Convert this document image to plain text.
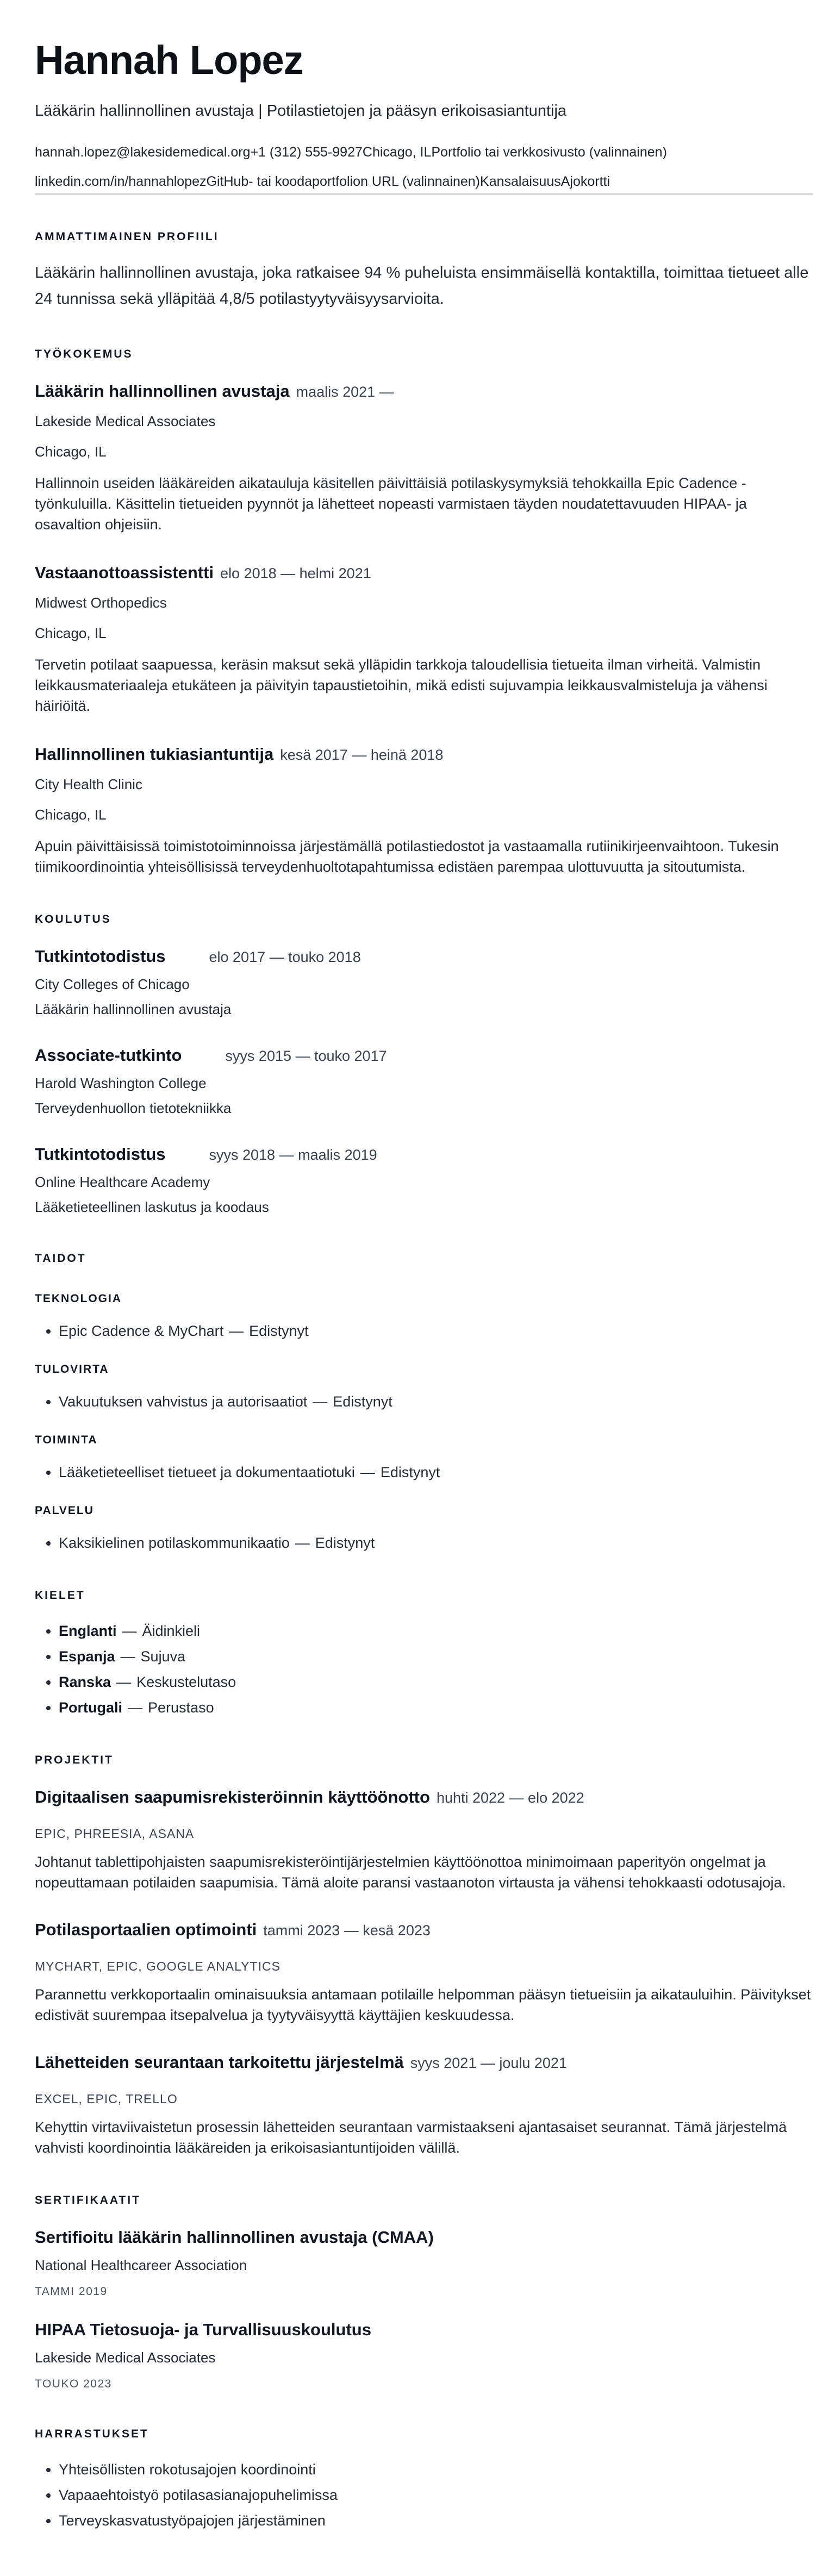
Hannah Lopez
Lääkärin hallinnollinen avustaja | Potilastietojen ja pääsyn erikoisasiantuntija
hannah.lopez@lakesidemedical.org+1 (312) 555-9927Chicago, ILPortfolio tai verkkosivusto (valinnainen)
linkedin.com/in/hannahlopezGitHub- tai koodaportfolion URL (valinnainen)KansalaisuusAjokortti
AMMATTIMAINEN PROFIILI

Lääkärin hallinnollinen avustaja, joka ratkaisee 94 % puheluista ensimmäisellä kontaktilla, toimittaa tietueet alle 24 tunnissa sekä ylläpitää 4,8/5 potilastyytyväisyysarvioita.

TYÖKOKEMUS
Lääkärin hallinnollinen avustaja maalis 2021 —
Lakeside Medical Associates
Chicago, IL

Hallinnoin useiden lääkäreiden aikatauluja käsitellen päivittäisiä potilaskysymyksiä tehokkailla Epic Cadence -työnkuluilla. Käsittelin tietueiden pyynnöt ja lähetteet nopeasti varmistaen täyden noudatettavuuden HIPAA- ja osavaltion ohjeisiin.

Vastaanottoassistentti elo 2018 — helmi 2021
Midwest Orthopedics
Chicago, IL

Tervetin potilaat saapuessa, keräsin maksut sekä ylläpidin tarkkoja taloudellisia tietueita ilman virheitä. Valmistin leikkausmateriaaleja etukäteen ja päivityin tapaustietoihin, mikä edisti sujuvampia leikkausvalmisteluja ja vähensi häiriöitä.

Hallinnollinen tukiasiantuntija kesä 2017 — heinä 2018
City Health Clinic
Chicago, IL

Apuin päivittäisissä toimistotoiminnoissa järjestämällä potilastiedostot ja vastaamalla rutiinikirjeenvaihtoon. Tukesin tiimikoordinointia yhteisöllisissä terveydenhuoltotapahtumissa edistäen parempaa ulottuvuutta ja sitoutumista.

KOULUTUS
Tutkintotodistus	elo 2017 — touko 2018
City Colleges of Chicago
Lääkärin hallinnollinen avustaja
Associate-tutkinto	syys 2015 — touko 2017
Harold Washington College
Terveydenhuollon tietotekniikka
Tutkintotodistus	syys 2018 — maalis 2019
Online Healthcare Academy
Lääketieteellinen laskutus ja koodaus
TAIDOT
TEKNOLOGIA
• Epic Cadence & MyChart — Edistynyt
TULOVIRTA
• Vakuutuksen vahvistus ja autorisaatiot — Edistynyt
TOIMINTA
• Lääketieteelliset tietueet ja dokumentaatiotuki — Edistynyt
PALVELU
• Kaksikielinen potilaskommunikaatio — Edistynyt
KIELET
• Englanti — Äidinkieli
• Espanja — Sujuva
• Ranska — Keskustelutaso
• Portugali — Perustaso
PROJEKTIT
Digitaalisen saapumisrekisteröinnin käyttöönotto huhti 2022 — elo 2022
EPIC, PHREESIA, ASANA

Johtanut tablettipohjaisten saapumisrekisteröintijärjestelmien käyttöönottoa minimoimaan paperityön ongelmat ja nopeuttamaan potilaiden saapumisia. Tämä aloite paransi vastaanoton virtausta ja vähensi tehokkaasti odotusajoja.

Potilasportaalien optimointi tammi 2023 — kesä 2023
MYCHART, EPIC, GOOGLE ANALYTICS

Parannettu verkkoportaalin ominaisuuksia antamaan potilaille helpomman pääsyn tietueisiin ja aikatauluihin. Päivitykset edistivät suurempaa itsepalvelua ja tyytyväisyyttä käyttäjien keskuudessa.

Lähetteiden seurantaan tarkoitettu järjestelmä syys 2021 — joulu 2021
EXCEL, EPIC, TRELLO

Kehyttin virtaviivaistetun prosessin lähetteiden seurantaan varmistaakseni ajantasaiset seurannat. Tämä järjestelmä vahvisti koordinointia lääkäreiden ja erikoisasiantuntijoiden välillä.

SERTIFIKAATIT
Sertifioitu lääkärin hallinnollinen avustaja (CMAA)
National Healthcareer Association
TAMMI 2019
HIPAA Tietosuoja- ja Turvallisuuskoulutus
Lakeside Medical Associates
TOUKO 2023
HARRASTUKSET
• Yhteisöllisten rokotusajojen koordinointi
• Vapaaehtoistyö potilasasianajopuhelimissa
• Terveyskasvatustyöpajojen järjestäminen
